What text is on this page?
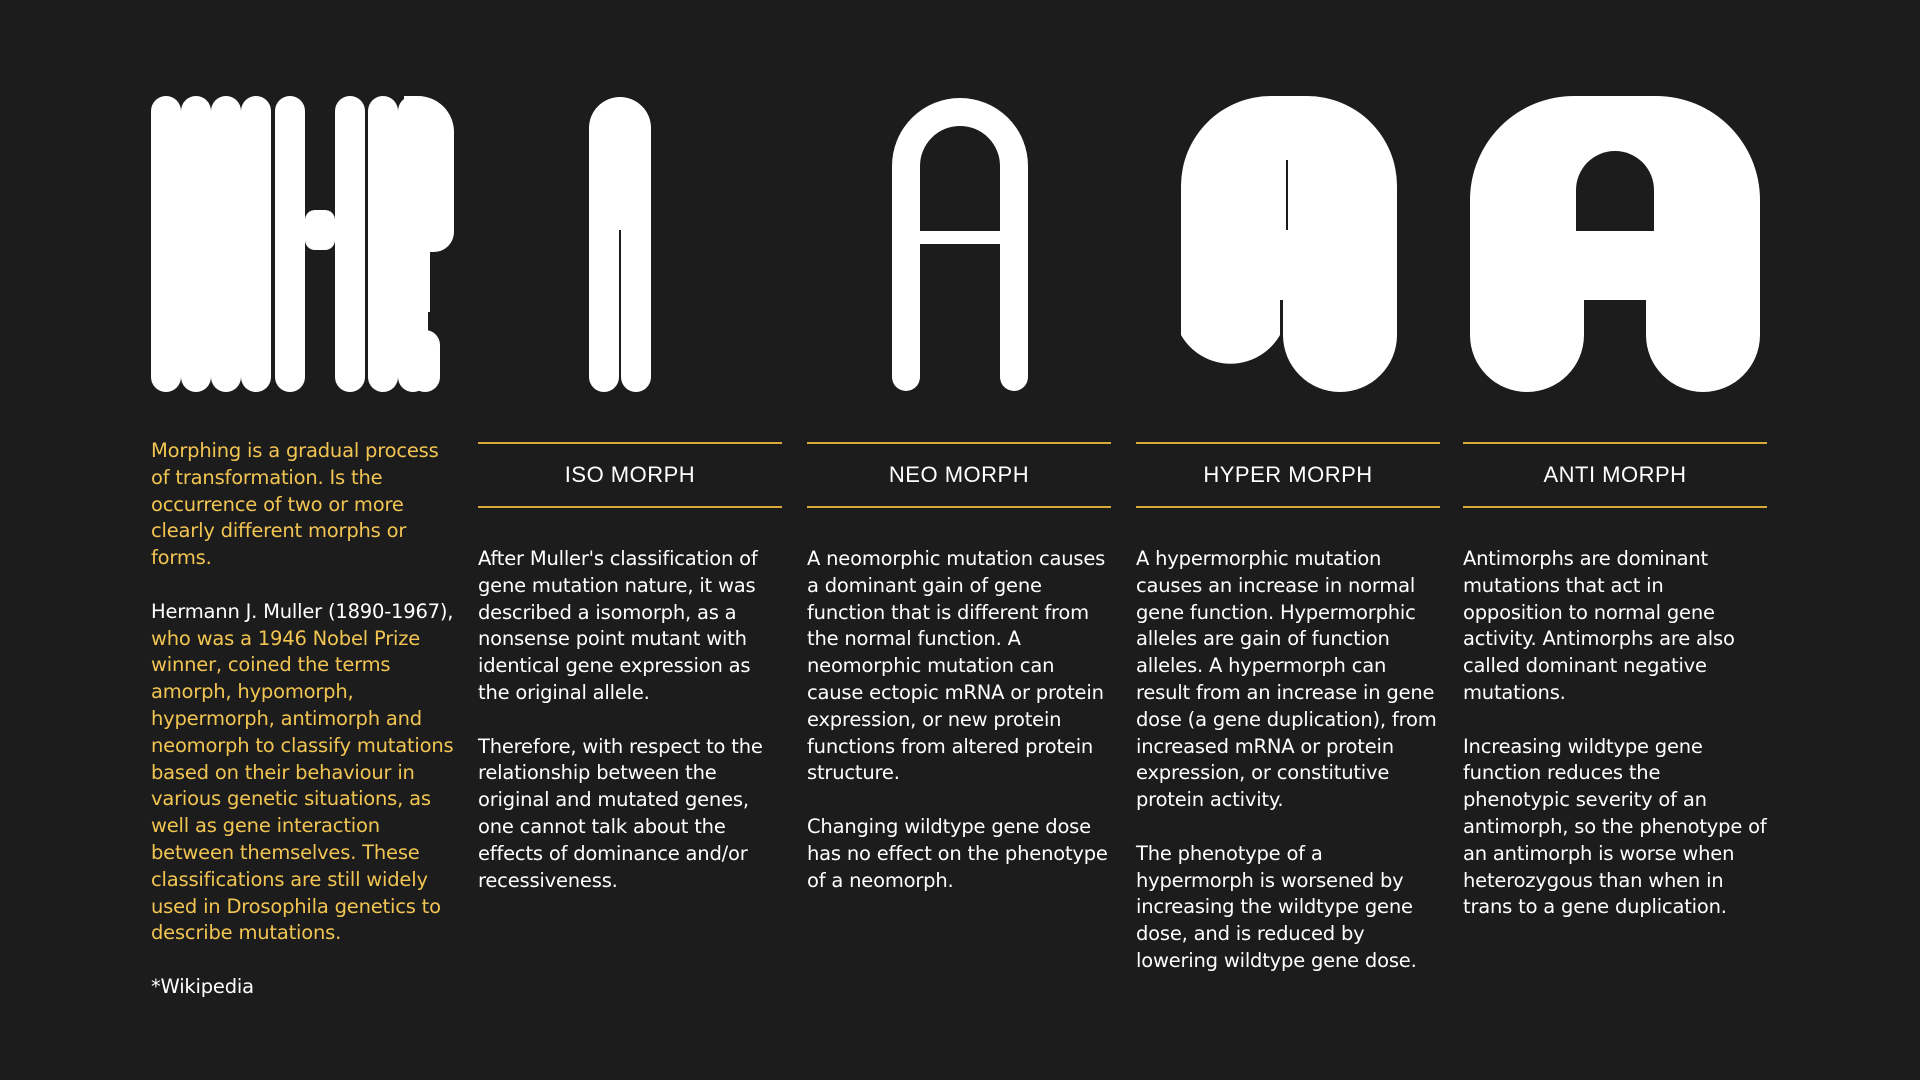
Morphing is a gradual process of transformation. Is the occurrence of two or more clearly different morphs or forms.

Hermann J. Muller (1890-1967), who was a 1946 Nobel Prize winner, coined the terms amorph, hypomorph, hypermorph, antimorph and neomorph to classify mutations based on their behaviour in various genetic situations, as well as gene interaction between themselves. These classifications are still widely used in Drosophila genetics to describe mutations.

*Wikipedia

ISO MORPH

After Muller's classification of gene mutation nature, it was described a isomorph, as a nonsense point mutant with identical gene expression as the original allele.

Therefore, with respect to the relationship between the original and mutated genes, one cannot talk about the effects of dominance and/or recessiveness.

NEO MORPH

A neomorphic mutation causes a dominant gain of gene function that is different from the normal function. A neomorphic mutation can cause ectopic mRNA or protein expression, or new protein functions from altered protein structure.

Changing wildtype gene dose has no effect on the phenotype of a neomorph.

HYPER MORPH

A hypermorphic mutation causes an increase in normal gene function. Hypermorphic alleles are gain of function alleles. A hypermorph can result from an increase in gene dose (a gene duplication), from increased mRNA or protein expression, or constitutive protein activity.

The phenotype of a hypermorph is worsened by increasing the wildtype gene dose, and is reduced by lowering wildtype gene dose.

ANTI MORPH

Antimorphs are dominant mutations that act in opposition to normal gene activity. Antimorphs are also called dominant negative mutations.

Increasing wildtype gene function reduces the phenotypic severity of an antimorph, so the phenotype of an antimorph is worse when heterozygous than when in trans to a gene duplication.
